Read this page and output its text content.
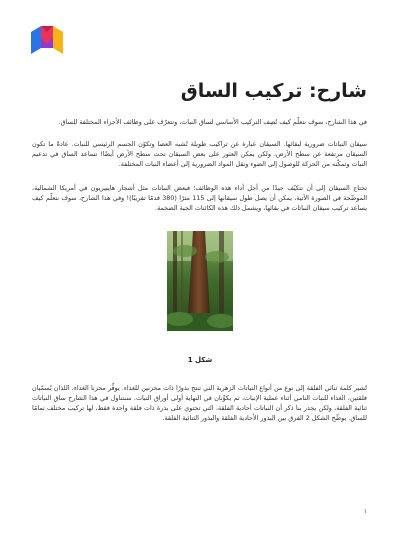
شارح: تركيب الساق

في هذا الشارح، سوف نتعلّم كيف نُصِف التركيب الأساسي لساق النبات، ونتعرّف على وظائف الأجزاء المختلفة للساق.

سيقان النباتات ضرورية لبقائها. السيقان عبارة عن تراكيب طويلة تُشبه العصا وتكوّن الجسم الرئيسي للنبات. عادةً ما تكون السيقان مرتفعة عن سطح الأرض، ولكن يمكن العثور على بعض السيقان تحت سطح الأرض أيضًا! تساعد الساق في تدعيم النبات وتمكّنه من الحركة للوصول إلى الضوء ونقل المواد الضرورية إلى أعضاء النبات المختلفة.

تحتاج السيقان إلى أن تتكيّف جيدًا من أجل أداء هذه الوظائف؛ فبعض النباتات مثل أشجار هايبيريون في أمريكا الشمالية، الموضّحة في الصورة الآتية، يمكن أن يصل طول سيقانها إلى 115 مترًا (380 قدمًا تقريبًا)! وفي هذا الشارح، سوف نتعلّم كيف يساعد تركيب سيقان النباتات في بقائها، ويشمل ذلك هذه الكائنات الحية الضخمة.

شكل 1

تُشير كلمة ثنائي الفلقة إلى نوع من أنواع النباتات الزهرية التي تنتج بذورًا ذات مخزنين للغذاء. يوفِّر مخزنا الغذاء، اللذان يُسمّيان فلقتين، الغذاء للنبات النامي أثناء عملية الإنبات، ثم يكوِّنان في النهاية أولى أوراق النبات. سنتناول في هذا الشارح ساق النباتات ثنائية الفلقة، ولكن يجدر بنا ذكر أن النباتات أحادية الفلقة، التي تحتوي على بذرة ذات فلقة واحدة فقط، لها تركيب مختلف تمامًا للساق. يوضِّح الشكل 2 الفرق بين البذور الأحادية الفلقة والبذور الثنائية الفلقة.

١
